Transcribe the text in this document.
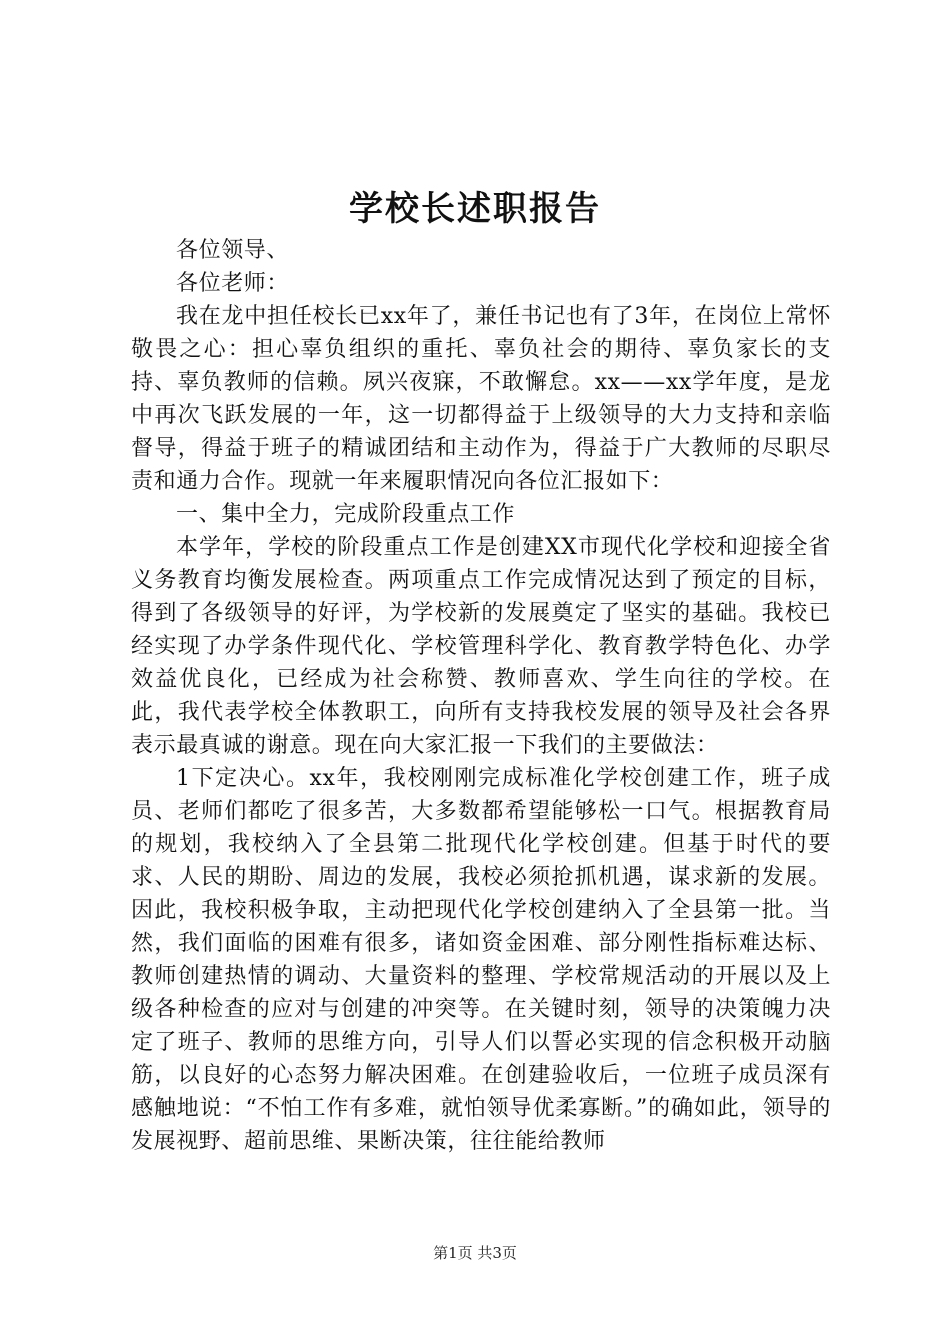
学校长述职报告

各位领导、

各位老师：

我在龙中担任校长已xx年了，兼任书记也有了3年，在岗位上常怀敬畏之心：担心辜负组织的重托、辜负社会的期待、辜负家长的支持、辜负教师的信赖。夙兴夜寐，不敢懈怠。xx——xx学年度，是龙中再次飞跃发展的一年，这一切都得益于上级领导的大力支持和亲临督导，得益于班子的精诚团结和主动作为，得益于广大教师的尽职尽责和通力合作。现就一年来履职情况向各位汇报如下：

一、集中全力，完成阶段重点工作

本学年，学校的阶段重点工作是创建XX市现代化学校和迎接全省义务教育均衡发展检查。两项重点工作完成情况达到了预定的目标，得到了各级领导的好评，为学校新的发展奠定了坚实的基础。我校已经实现了办学条件现代化、学校管理科学化、教育教学特色化、办学效益优良化，已经成为社会称赞、教师喜欢、学生向往的学校。在此，我代表学校全体教职工，向所有支持我校发展的领导及社会各界表示最真诚的谢意。现在向大家汇报一下我们的主要做法：

1下定决心。xx年，我校刚刚完成标准化学校创建工作，班子成员、老师们都吃了很多苦，大多数都希望能够松一口气。根据教育局的规划，我校纳入了全县第二批现代化学校创建。但基于时代的要求、人民的期盼、周边的发展，我校必须抢抓机遇，谋求新的发展。因此，我校积极争取，主动把现代化学校创建纳入了全县第一批。当然，我们面临的困难有很多，诸如资金困难、部分刚性指标难达标、教师创建热情的调动、大量资料的整理、学校常规活动的开展以及上级各种检查的应对与创建的冲突等。在关键时刻，领导的决策魄力决定了班子、教师的思维方向，引导人们以誓必实现的信念积极开动脑筋，以良好的心态努力解决困难。在创建验收后，一位班子成员深有感触地说：“不怕工作有多难，就怕领导优柔寡断。”的确如此，领导的发展视野、超前思维、果断决策，往往能给教师

第1页 共3页
